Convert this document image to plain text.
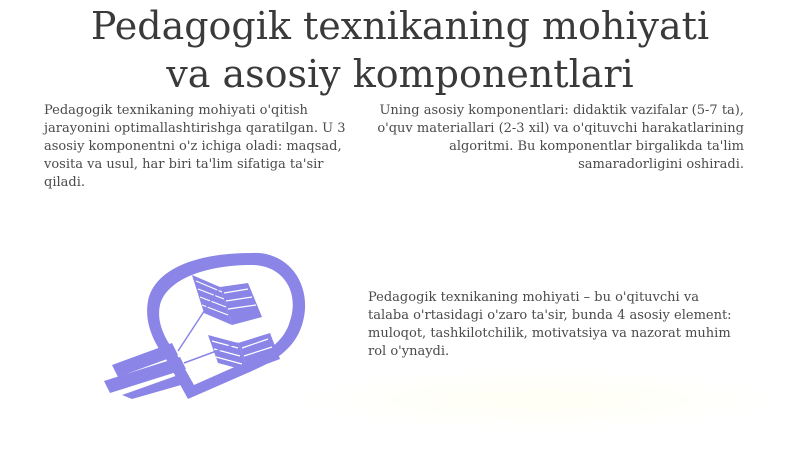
Pedagogik texnikaning mohiyati
va asosiy komponentlari

Pedagogik texnikaning mohiyati o'qitish jarayonini optimallashtirishga qaratilgan. U 3 asosiy komponentni o'z ichiga oladi: maqsad, vosita va usul, har biri ta'lim sifatiga ta'sir qiladi.

Uning asosiy komponentlari: didaktik vazifalar (5-7 ta), o'quv materiallari (2-3 xil) va o'qituvchi harakatlarining algoritmi. Bu komponentlar birgalikda ta'lim samaradorligini oshiradi.

Pedagogik texnikaning mohiyati – bu o'qituvchi va talaba o'rtasidagi o'zaro ta'sir, bunda 4 asosiy element: muloqot, tashkilotchilik, motivatsiya va nazorat muhim rol o'ynaydi.
